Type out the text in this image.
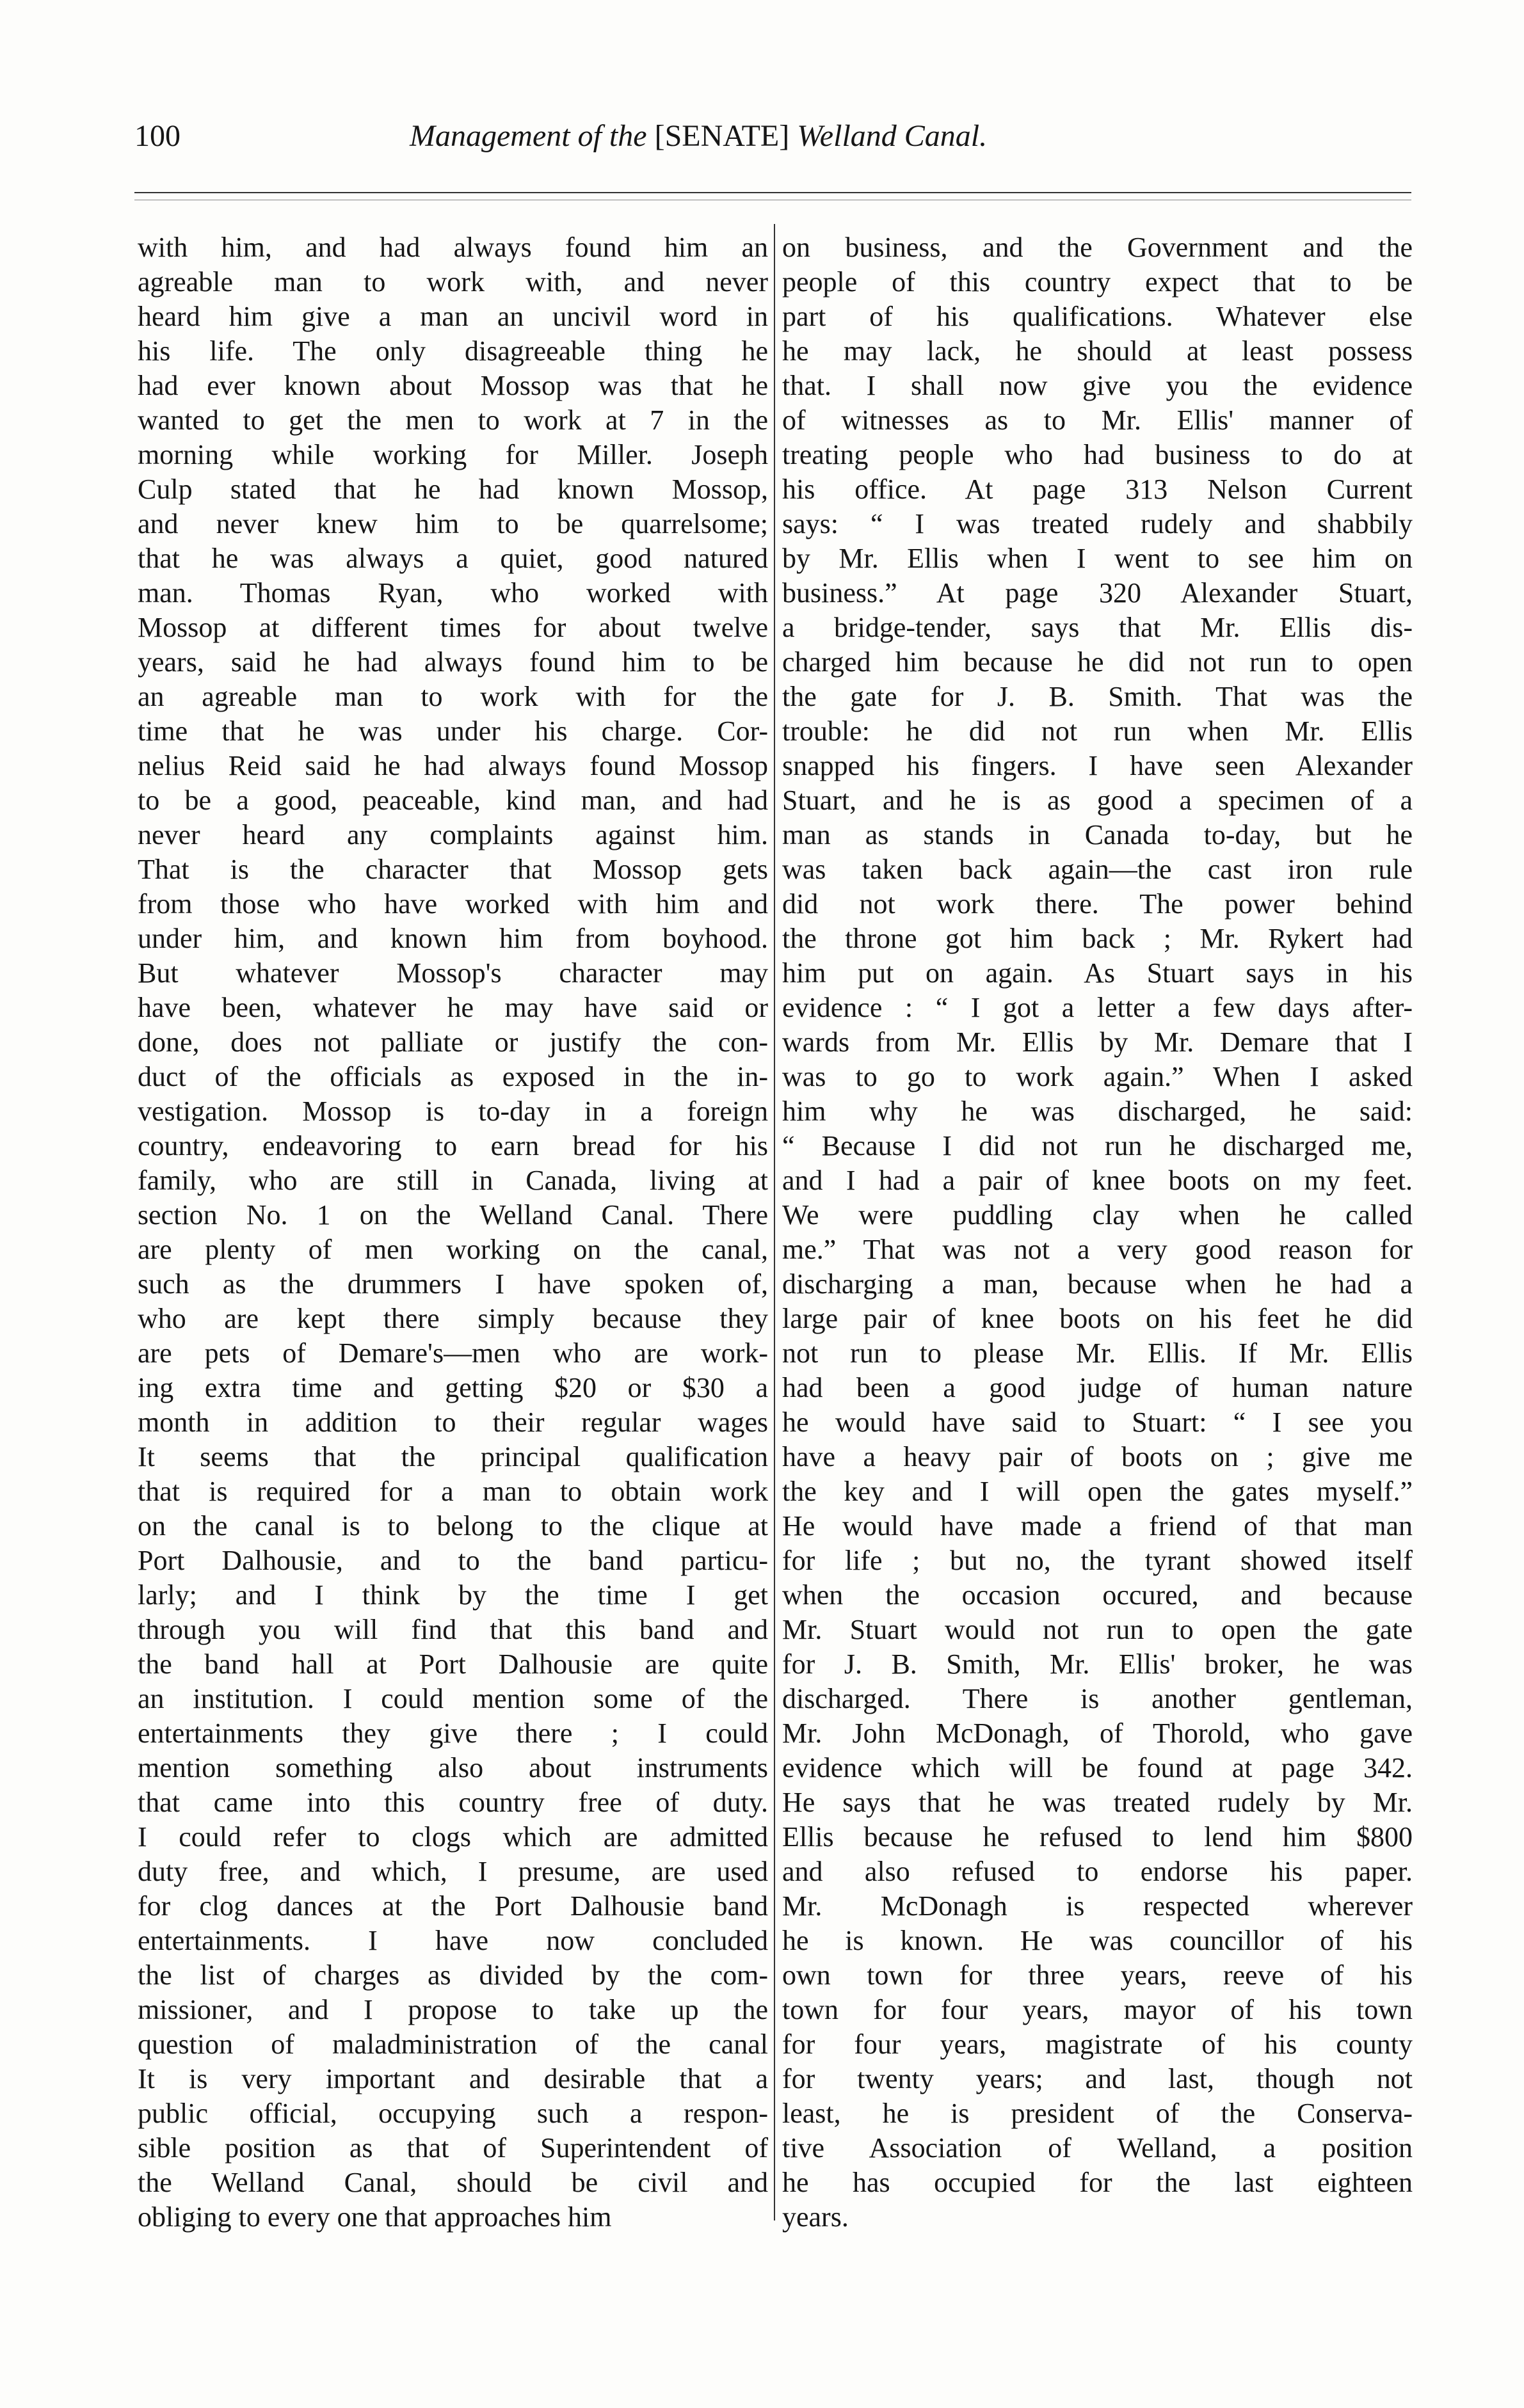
100	Management of the [SENATE] Welland Canal.
with him, and had always found him an
agreable man to work with, and never
heard him give a man an uncivil word in
his life. The only disagreeable thing he
had ever known about Mossop was that he
wanted to get the men to work at 7 in the
morning while working for Miller. Joseph
Culp stated that he had known Mossop,
and never knew him to be quarrelsome;
that he was always a quiet, good natured
man. Thomas Ryan, who worked with
Mossop at different times for about twelve
years, said he had always found him to be
an agreable man to work with for the
time that he was under his charge. Cor-
nelius Reid said he had always found Mossop
to be a good, peaceable, kind man, and had
never heard any complaints against him.
That is the character that Mossop gets
from those who have worked with him and
under him, and known him from boyhood.
But whatever Mossop's character may
have been, whatever he may have said or
done, does not palliate or justify the con-
duct of the officials as exposed in the in-
vestigation. Mossop is to-day in a foreign
country, endeavoring to earn bread for his
family, who are still in Canada, living at
section No. 1 on the Welland Canal. There
are plenty of men working on the canal,
such as the drummers I have spoken of,
who are kept there simply because they
are pets of Demare's—men who are work-
ing extra time and getting $20 or $30 a
month in addition to their regular wages
It seems that the principal qualification
that is required for a man to obtain work
on the canal is to belong to the clique at
Port Dalhousie, and to the band particu-
larly; and I think by the time I get
through you will find that this band and
the band hall at Port Dalhousie are quite
an institution. I could mention some of the
entertainments they give there ; I could
mention something also about instruments
that came into this country free of duty.
I could refer to clogs which are admitted
duty free, and which, I presume, are used
for clog dances at the Port Dalhousie band
entertainments. I have now concluded
the list of charges as divided by the com-
missioner, and I propose to take up the
question of maladministration of the canal
It is very important and desirable that a
public official, occupying such a respon-
sible position as that of Superintendent of
the Welland Canal, should be civil and
obliging to every one that approaches him
on business, and the Government and the
people of this country expect that to be
part of his qualifications. Whatever else
he may lack, he should at least possess
that. I shall now give you the evidence
of witnesses as to Mr. Ellis' manner of
treating people who had business to do at
his office. At page 313 Nelson Current
says: “ I was treated rudely and shabbily
by Mr. Ellis when I went to see him on
business.” At page 320 Alexander Stuart,
a bridge-tender, says that Mr. Ellis dis-
charged him because he did not run to open
the gate for J. B. Smith. That was the
trouble: he did not run when Mr. Ellis
snapped his fingers. I have seen Alexander
Stuart, and he is as good a specimen of a
man as stands in Canada to-day, but he
was taken back again—the cast iron rule
did not work there. The power behind
the throne got him back ; Mr. Rykert had
him put on again. As Stuart says in his
evidence : “ I got a letter a few days after-
wards from Mr. Ellis by Mr. Demare that I
was to go to work again.” When I asked
him why he was discharged, he said:
“ Because I did not run he discharged me,
and I had a pair of knee boots on my feet.
We were puddling clay when he called
me.” That was not a very good reason for
discharging a man, because when he had a
large pair of knee boots on his feet he did
not run to please Mr. Ellis. If Mr. Ellis
had been a good judge of human nature
he would have said to Stuart: “ I see you
have a heavy pair of boots on ; give me
the key and I will open the gates myself.”
He would have made a friend of that man
for life ; but no, the tyrant showed itself
when the occasion occured, and because
Mr. Stuart would not run to open the gate
for J. B. Smith, Mr. Ellis' broker, he was
discharged. There is another gentleman,
Mr. John McDonagh, of Thorold, who gave
evidence which will be found at page 342.
He says that he was treated rudely by Mr.
Ellis because he refused to lend him $800
and also refused to endorse his paper.
Mr. McDonagh is respected wherever
he is known. He was councillor of his
own town for three years, reeve of his
town for four years, mayor of his town
for four years, magistrate of his county
for twenty years; and last, though not
least, he is president of the Conserva-
tive Association of Welland, a position
he has occupied for the last eighteen
years.
